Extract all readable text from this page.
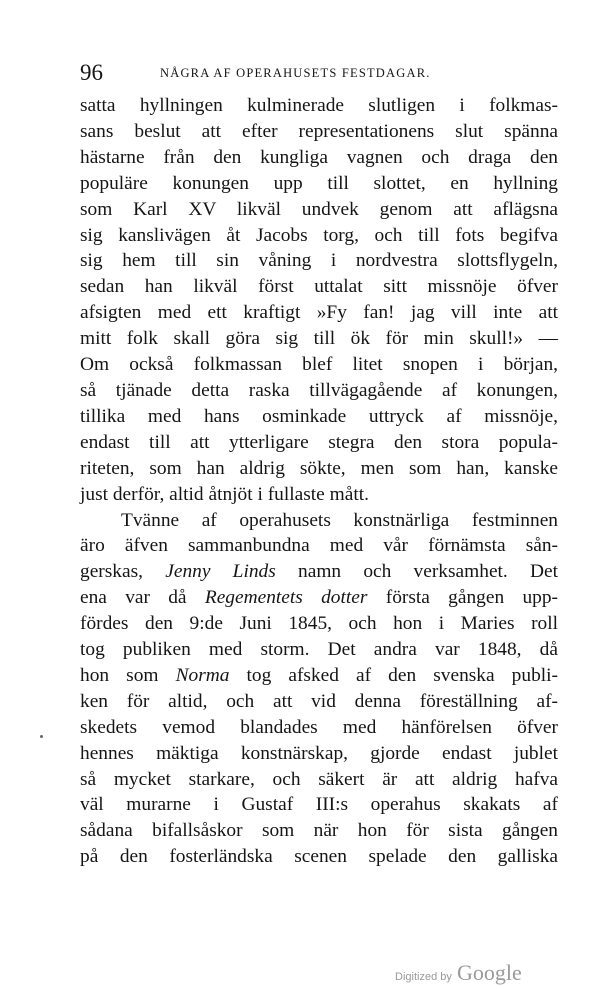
96	NÅGRA AF OPERAHUSETS FESTDAGAR.
satta hyllningen kulminerade slutligen i folkmas-
sans beslut att efter representationens slut spänna
hästarne från den kungliga vagnen och draga den
populäre konungen upp till slottet, en hyllning
som Karl XV likväl undvek genom att aflägsna
sig kanslivägen åt Jacobs torg, och till fots begifva
sig hem till sin våning i nordvestra slottsflygeln,
sedan han likväl först uttalat sitt missnöje öfver
afsigten med ett kraftigt »Fy fan! jag vill inte att
mitt folk skall göra sig till ök för min skull!» —
Om också folkmassan blef litet snopen i början,
så tjänade detta raska tillvägagående af konungen,
tillika med hans osminkade uttryck af missnöje,
endast till att ytterligare stegra den stora popula-
riteten, som han aldrig sökte, men som han, kanske
just derför, altid åtnjöt i fullaste mått.
Tvänne af operahusets konstnärliga festminnen
äro äfven sammanbundna med vår förnämsta sån-
gerskas, Jenny Linds namn och verksamhet. Det
ena var då Regementets dotter första gången upp-
fördes den 9:de Juni 1845, och hon i Maries roll
tog publiken med storm. Det andra var 1848, då
hon som Norma tog afsked af den svenska publi-
ken för altid, och att vid denna föreställning af-
skedets vemod blandades med hänförelsen öfver
hennes mäktiga konstnärskap, gjorde endast jublet
så mycket starkare, och säkert är att aldrig hafva
väl murarne i Gustaf III:s operahus skakats af
sådana bifallsåskor som när hon för sista gången
på den fosterländska scenen spelade den galliska
Digitized by Google
